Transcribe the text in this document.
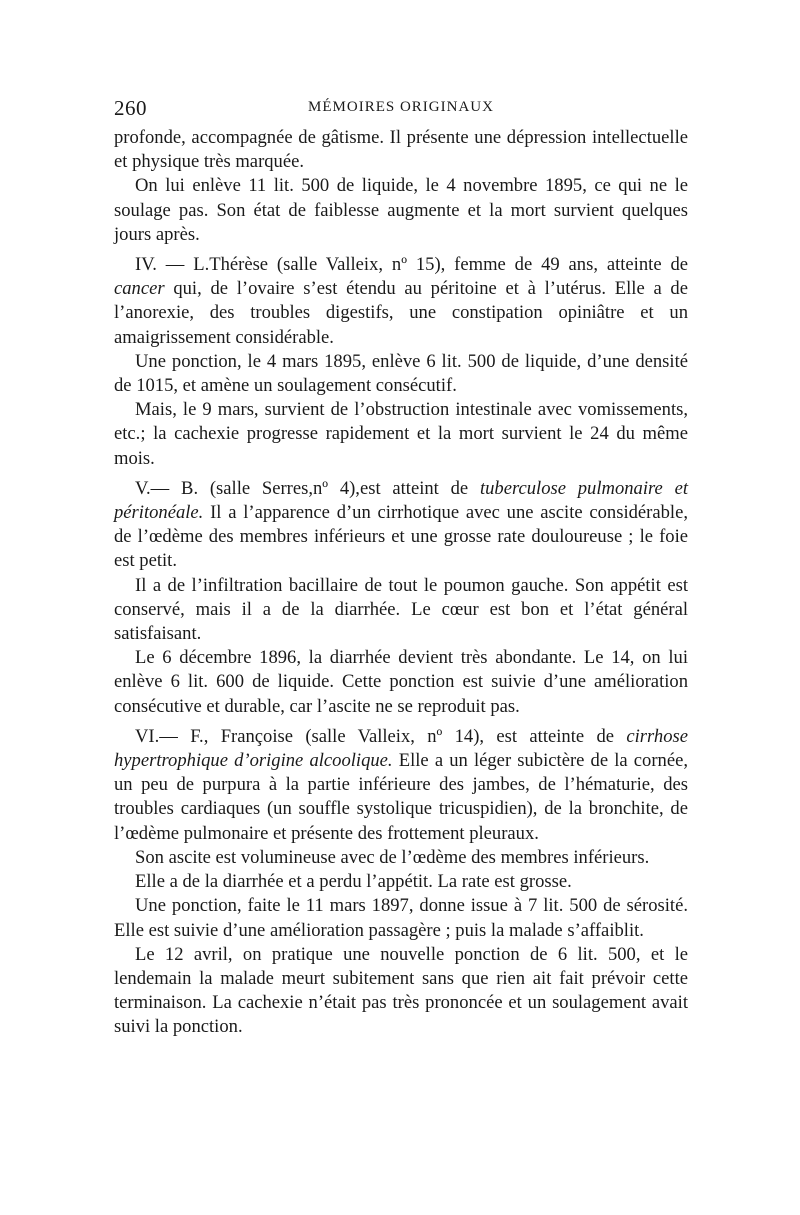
260	MÉMOIRES ORIGINAUX

profonde, accompagnée de gâtisme. Il présente une dépression intellectuelle et physique très marquée.

On lui enlève 11 lit. 500 de liquide, le 4 novembre 1895, ce qui ne le soulage pas. Son état de faiblesse augmente et la mort survient quelques jours après.

IV. — L.Thérèse (salle Valleix, nº 15), femme de 49 ans, atteinte de cancer qui, de l’ovaire s’est étendu au péritoine et à l’utérus. Elle a de l’anorexie, des troubles digestifs, une constipation opiniâtre et un amaigrissement considérable.

Une ponction, le 4 mars 1895, enlève 6 lit. 500 de liquide, d’une densité de 1015, et amène un soulagement consécutif.

Mais, le 9 mars, survient de l’obstruction intestinale avec vomissements, etc.; la cachexie progresse rapidement et la mort survient le 24 du même mois.

V.— B. (salle Serres,nº 4),est atteint de tuberculose pulmonaire et péritonéale. Il a l’apparence d’un cirrhotique avec une ascite considérable, de l’œdème des membres inférieurs et une grosse rate douloureuse ; le foie est petit.

Il a de l’infiltration bacillaire de tout le poumon gauche. Son appétit est conservé, mais il a de la diarrhée. Le cœur est bon et l’état général satisfaisant.

Le 6 décembre 1896, la diarrhée devient très abondante. Le 14, on lui enlève 6 lit. 600 de liquide. Cette ponction est suivie d’une amélioration consécutive et durable, car l’ascite ne se reproduit pas.

VI.— F., Françoise (salle Valleix, nº 14), est atteinte de cirrhose hypertrophique d’origine alcoolique. Elle a un léger subictère de la cornée, un peu de purpura à la partie inférieure des jambes, de l’hématurie, des troubles cardiaques (un souffle systolique tricuspidien), de la bronchite, de l’œdème pulmonaire et présente des frottement pleuraux.

Son ascite est volumineuse avec de l’œdème des membres inférieurs.

Elle a de la diarrhée et a perdu l’appétit. La rate est grosse.

Une ponction, faite le 11 mars 1897, donne issue à 7 lit. 500 de sérosité. Elle est suivie d’une amélioration passagère ; puis la malade s’affaiblit.

Le 12 avril, on pratique une nouvelle ponction de 6 lit. 500, et le lendemain la malade meurt subitement sans que rien ait fait prévoir cette terminaison. La cachexie n’était pas très prononcée et un soulagement avait suivi la ponction.
